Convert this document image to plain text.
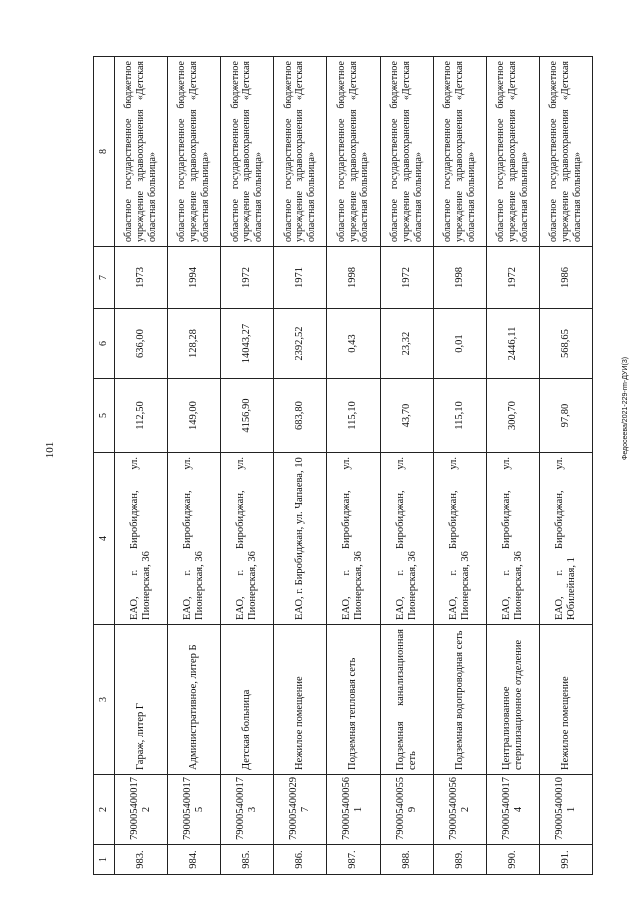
101
1	2	3	4	5	6	7	8
983.	790005400017 2	Гараж, литер Г	ЕАО, г. Биробиджан, ул. Пионерская, 36	112,50	636,00	1973	областное государственное бюджетное учреждение здравоохранения «Детская областная больница»
984.	790005400017 5	Административное, литер Б	ЕАО, г. Биробиджан, ул. Пионерская, 36	149,00	128,28	1994	областное государственное бюджетное учреждение здравоохранения «Детская областная больница»
985.	790005400017 3	Детская больница	ЕАО, г. Биробиджан, ул. Пионерская, 36	4156,90	14043,27	1972	областное государственное бюджетное учреждение здравоохранения «Детская областная больница»
986.	790005400029 7	Нежилое помещение	ЕАО, г. Биробиджан, ул. Чапаева, 10	683,80	2392,52	1971	областное государственное бюджетное учреждение здравоохранения «Детская областная больница»
987.	790005400056 1	Подземная тепловая сеть	ЕАО, г. Биробиджан, ул. Пионерская, 36	115,10	0,43	1998	областное государственное бюджетное учреждение здравоохранения «Детская областная больница»
988.	790005400055 9	Подземная канализационная сеть	ЕАО, г. Биробиджан, ул. Пионерская, 36	43,70	23,32	1972	областное государственное бюджетное учреждение здравоохранения «Детская областная больница»
989.	790005400056 2	Подземная водопроводная сеть	ЕАО, г. Биробиджан, ул. Пионерская, 36	115,10	0,01	1998	областное государственное бюджетное учреждение здравоохранения «Детская областная больница»
990.	790005400017 4	Централизованное стерилизационное отделение	ЕАО, г. Биробиджан, ул. Пионерская, 36	300,70	2446,11	1972	областное государственное бюджетное учреждение здравоохранения «Детская областная больница»
991.	790005400010 1	Нежилое помещение	ЕАО, г. Биробиджан, ул. Юбилейная, 1	97,80	568,65	1986	областное государственное бюджетное учреждение здравоохранения «Детская областная больница»
Федосеева/2021-229-rm-ДУИ(3)
